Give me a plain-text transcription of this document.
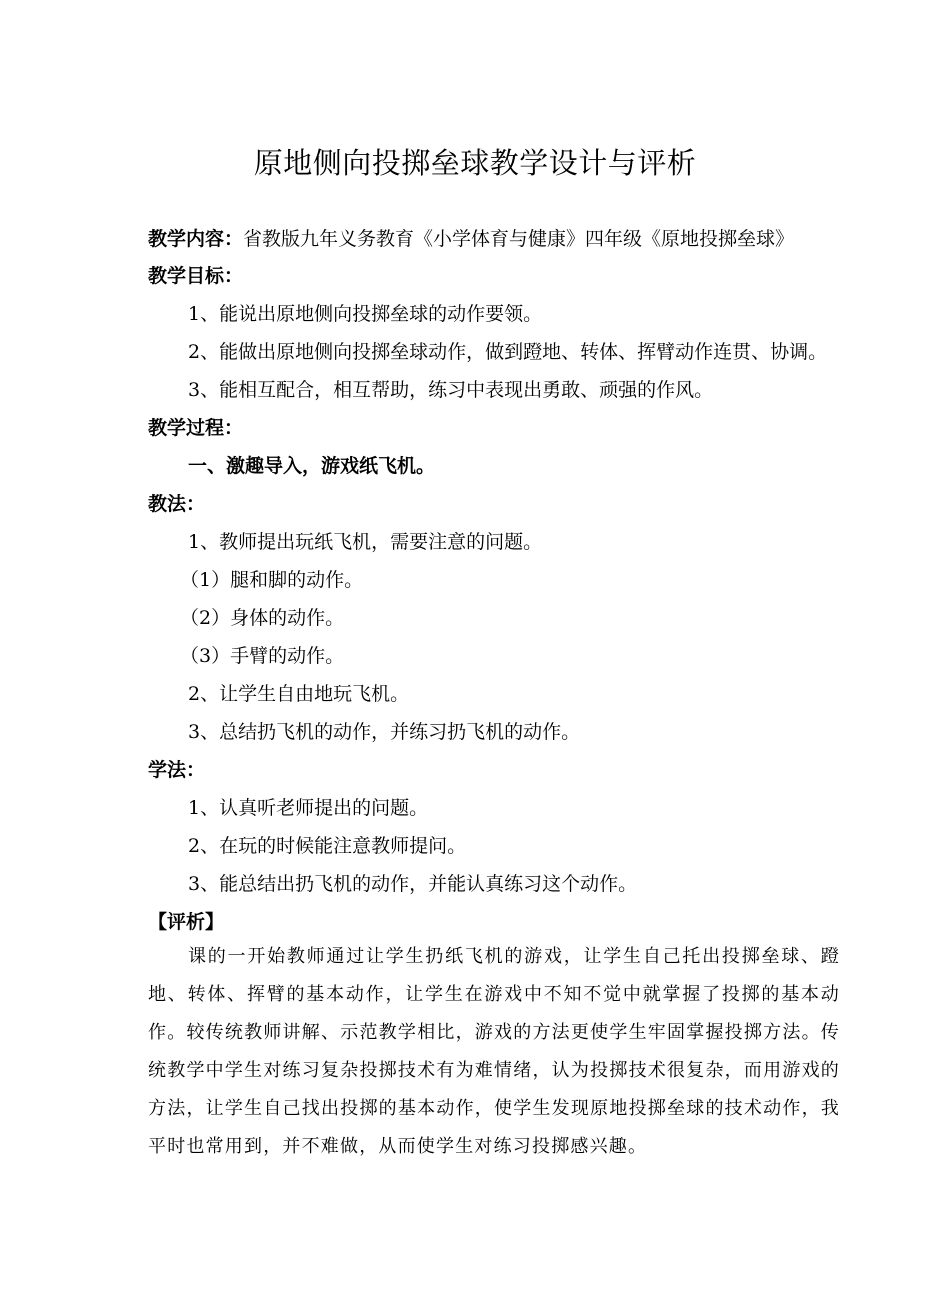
原地侧向投掷垒球教学设计与评析
教学内容：省教版九年义务教育《小学体育与健康》四年级《原地投掷垒球》
教学目标：
1、能说出原地侧向投掷垒球的动作要领。
2、能做出原地侧向投掷垒球动作，做到蹬地、转体、挥臂动作连贯、协调。
3、能相互配合，相互帮助，练习中表现出勇敢、顽强的作风。
教学过程：
一、激趣导入，游戏纸飞机。
教法：
1、教师提出玩纸飞机，需要注意的问题。
（1）腿和脚的动作。
（2）身体的动作。
（3）手臂的动作。
2、让学生自由地玩飞机。
3、总结扔飞机的动作，并练习扔飞机的动作。
学法：
1、认真听老师提出的问题。
2、在玩的时候能注意教师提问。
3、能总结出扔飞机的动作，并能认真练习这个动作。
【评析】
课的一开始教师通过让学生扔纸飞机的游戏，让学生自己托出投掷垒球、蹬地、转体、挥臂的基本动作，让学生在游戏中不知不觉中就掌握了投掷的基本动作。较传统教师讲解、示范教学相比，游戏的方法更使学生牢固掌握投掷方法。传统教学中学生对练习复杂投掷技术有为难情绪，认为投掷技术很复杂，而用游戏的方法，让学生自己找出投掷的基本动作，使学生发现原地投掷垒球的技术动作，我平时也常用到，并不难做，从而使学生对练习投掷感兴趣。
